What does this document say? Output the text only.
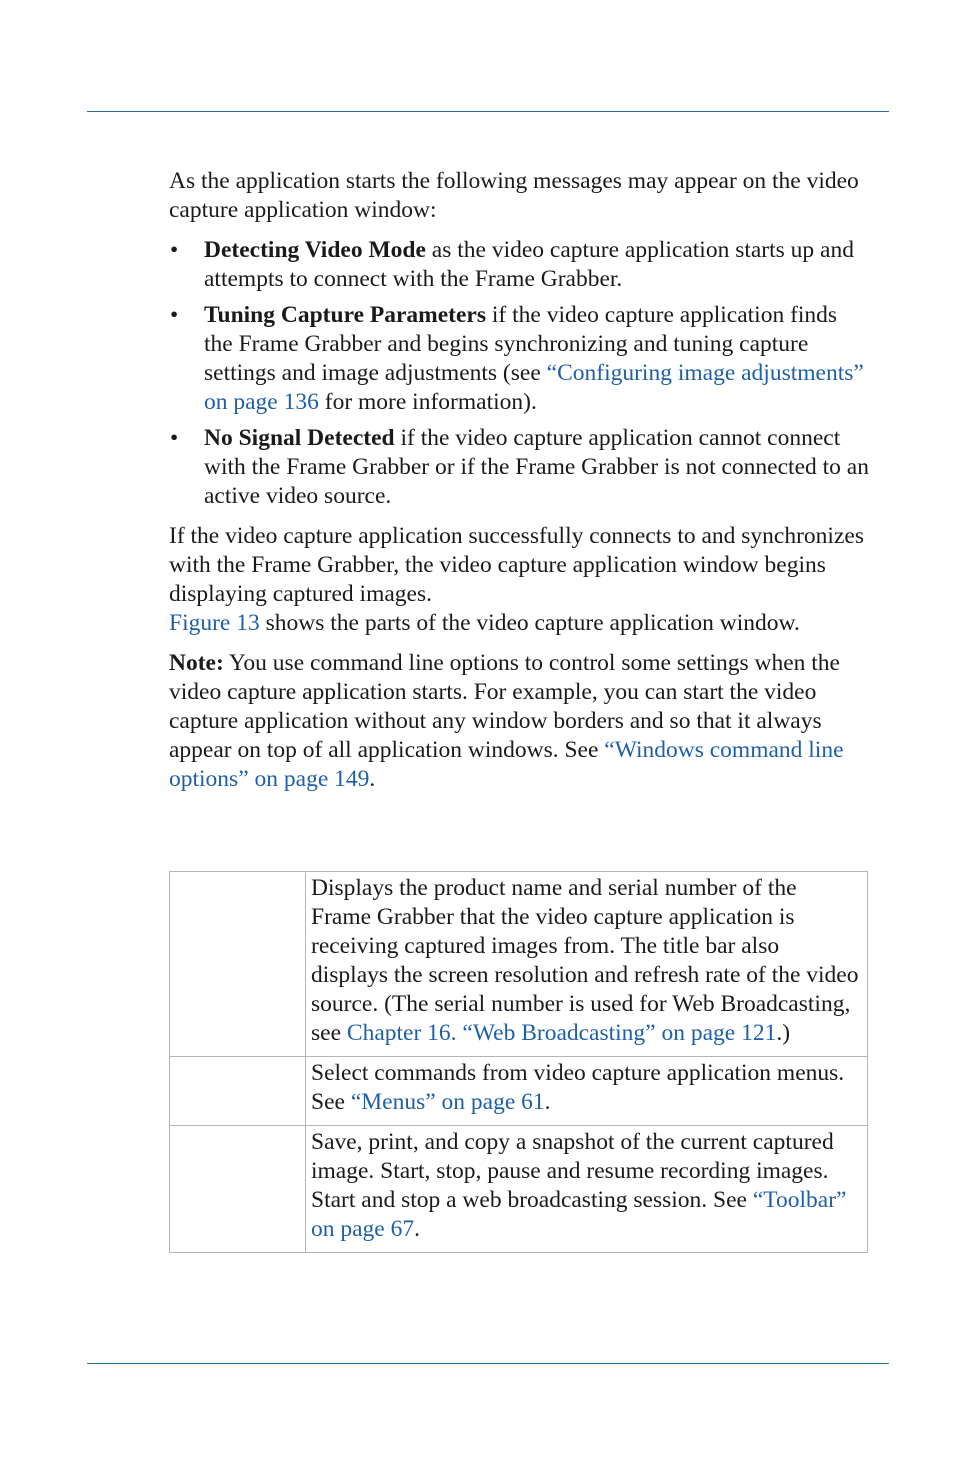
As the application starts the following messages may appear on the video capture application window:

• Detecting Video Mode as the video capture application starts up and attempts to connect with the Frame Grabber.
• Tuning Capture Parameters if the video capture application finds the Frame Grabber and begins synchronizing and tuning capture settings and image adjustments (see “Configuring image adjustments” on page 136 for more information).
• No Signal Detected if the video capture application cannot connect with the Frame Grabber or if the Frame Grabber is not connected to an active video source.

If the video capture application successfully connects to and synchronizes with the Frame Grabber, the video capture application window begins displaying captured images.
Figure 13 shows the parts of the video capture application window.

Note: You use command line options to control some settings when the video capture application starts. For example, you can start the video capture application without any window borders and so that it always appear on top of all application windows. See “Windows command line options” on page 149.

	Displays the product name and serial number of the Frame Grabber that the video capture application is receiving captured images from. The title bar also displays the screen resolution and refresh rate of the video source. (The serial number is used for Web Broadcasting, see Chapter 16. “Web Broadcasting” on page 121.)
	Select commands from video capture application menus. See “Menus” on page 61.
	Save, print, and copy a snapshot of the current captured image. Start, stop, pause and resume recording images. Start and stop a web broadcasting session. See “Toolbar” on page 67.
